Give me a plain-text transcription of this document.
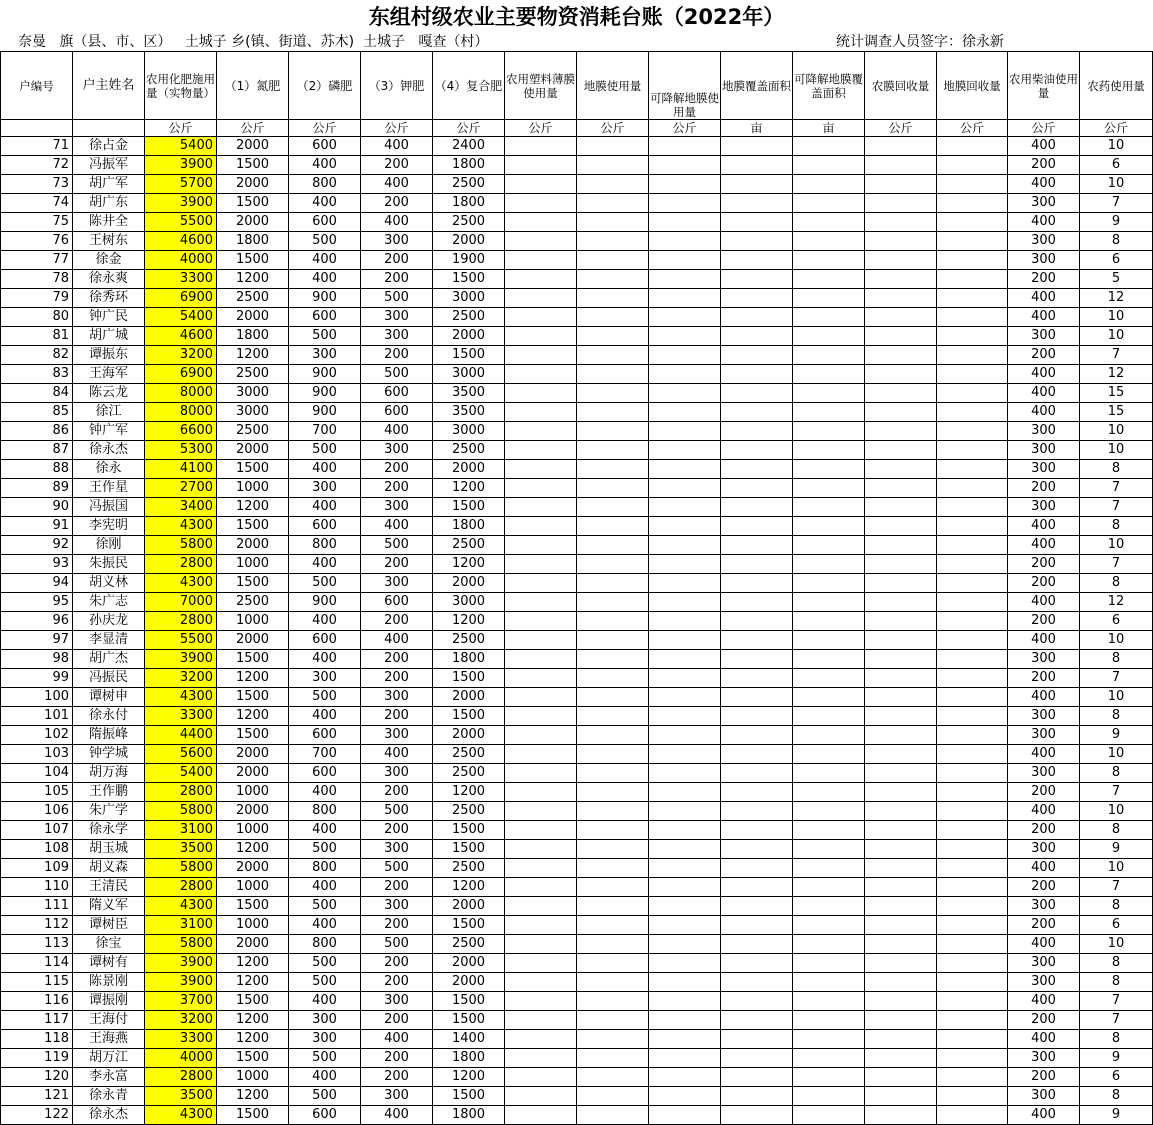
东组村级农业主要物资消耗台账（2022年）
奈曼   旗（县、市、区）   土城子 乡(镇、街道、苏木)  土城子   嘎查（村）	统计调查人员签字：徐永新
户编号	户主姓名	农用化肥施用量（实物量）	（1）氮肥	（2）磷肥	（3）钾肥	（4）复合肥	农用塑料薄膜使用量	地膜使用量	可降解地膜使用量	地膜覆盖面积	可降解地膜覆盖面积	农膜回收量	地膜回收量	农用柴油使用量	农药使用量
		公斤	公斤	公斤	公斤	公斤	公斤	公斤	公斤	亩	亩	公斤	公斤	公斤	公斤
71	徐占金	5400	2000	600	400	2400								400	10
72	冯振军	3900	1500	400	200	1800								200	6
73	胡广军	5700	2000	800	400	2500								400	10
74	胡广东	3900	1500	400	200	1800								300	7
75	陈井全	5500	2000	600	400	2500								400	9
76	王树东	4600	1800	500	300	2000								300	8
77	徐金	4000	1500	400	200	1900								300	6
78	徐永爽	3300	1200	400	200	1500								200	5
79	徐秀环	6900	2500	900	500	3000								400	12
80	钟广民	5400	2000	600	300	2500								400	10
81	胡广城	4600	1800	500	300	2000								300	10
82	谭振东	3200	1200	300	200	1500								200	7
83	王海军	6900	2500	900	500	3000								400	12
84	陈云龙	8000	3000	900	600	3500								400	15
85	徐江	8000	3000	900	600	3500								400	15
86	钟广军	6600	2500	700	400	3000								300	10
87	徐永杰	5300	2000	500	300	2500								300	10
88	徐永	4100	1500	400	200	2000								300	8
89	王作星	2700	1000	300	200	1200								200	7
90	冯振国	3400	1200	400	300	1500								300	7
91	李宪明	4300	1500	600	400	1800								400	8
92	徐刚	5800	2000	800	500	2500								400	10
93	朱振民	2800	1000	400	200	1200								200	7
94	胡义林	4300	1500	500	300	2000								200	8
95	朱广志	7000	2500	900	600	3000								400	12
96	孙庆龙	2800	1000	400	200	1200								200	6
97	李显清	5500	2000	600	400	2500								400	10
98	胡广杰	3900	1500	400	200	1800								300	8
99	冯振民	3200	1200	300	200	1500								200	7
100	谭树申	4300	1500	500	300	2000								400	10
101	徐永付	3300	1200	400	200	1500								300	8
102	隋振峰	4400	1500	600	300	2000								300	9
103	钟学城	5600	2000	700	400	2500								400	10
104	胡万海	5400	2000	600	300	2500								300	8
105	王作鹏	2800	1000	400	200	1200								200	7
106	朱广学	5800	2000	800	500	2500								400	10
107	徐永学	3100	1000	400	200	1500								200	8
108	胡玉城	3500	1200	500	300	1500								300	9
109	胡义森	5800	2000	800	500	2500								400	10
110	王清民	2800	1000	400	200	1200								200	7
111	隋义军	4300	1500	500	300	2000								300	8
112	谭树臣	3100	1000	400	200	1500								200	6
113	徐宝	5800	2000	800	500	2500								400	10
114	谭树有	3900	1200	500	200	2000								300	8
115	陈景刚	3900	1200	500	200	2000								300	8
116	谭振刚	3700	1500	400	300	1500								400	7
117	王海付	3200	1200	300	200	1500								200	7
118	王海燕	3300	1200	300	400	1400								400	8
119	胡万江	4000	1500	500	200	1800								300	9
120	李永富	2800	1000	400	200	1200								200	6
121	徐永青	3500	1200	500	300	1500								300	8
122	徐永杰	4300	1500	600	400	1800								400	9
